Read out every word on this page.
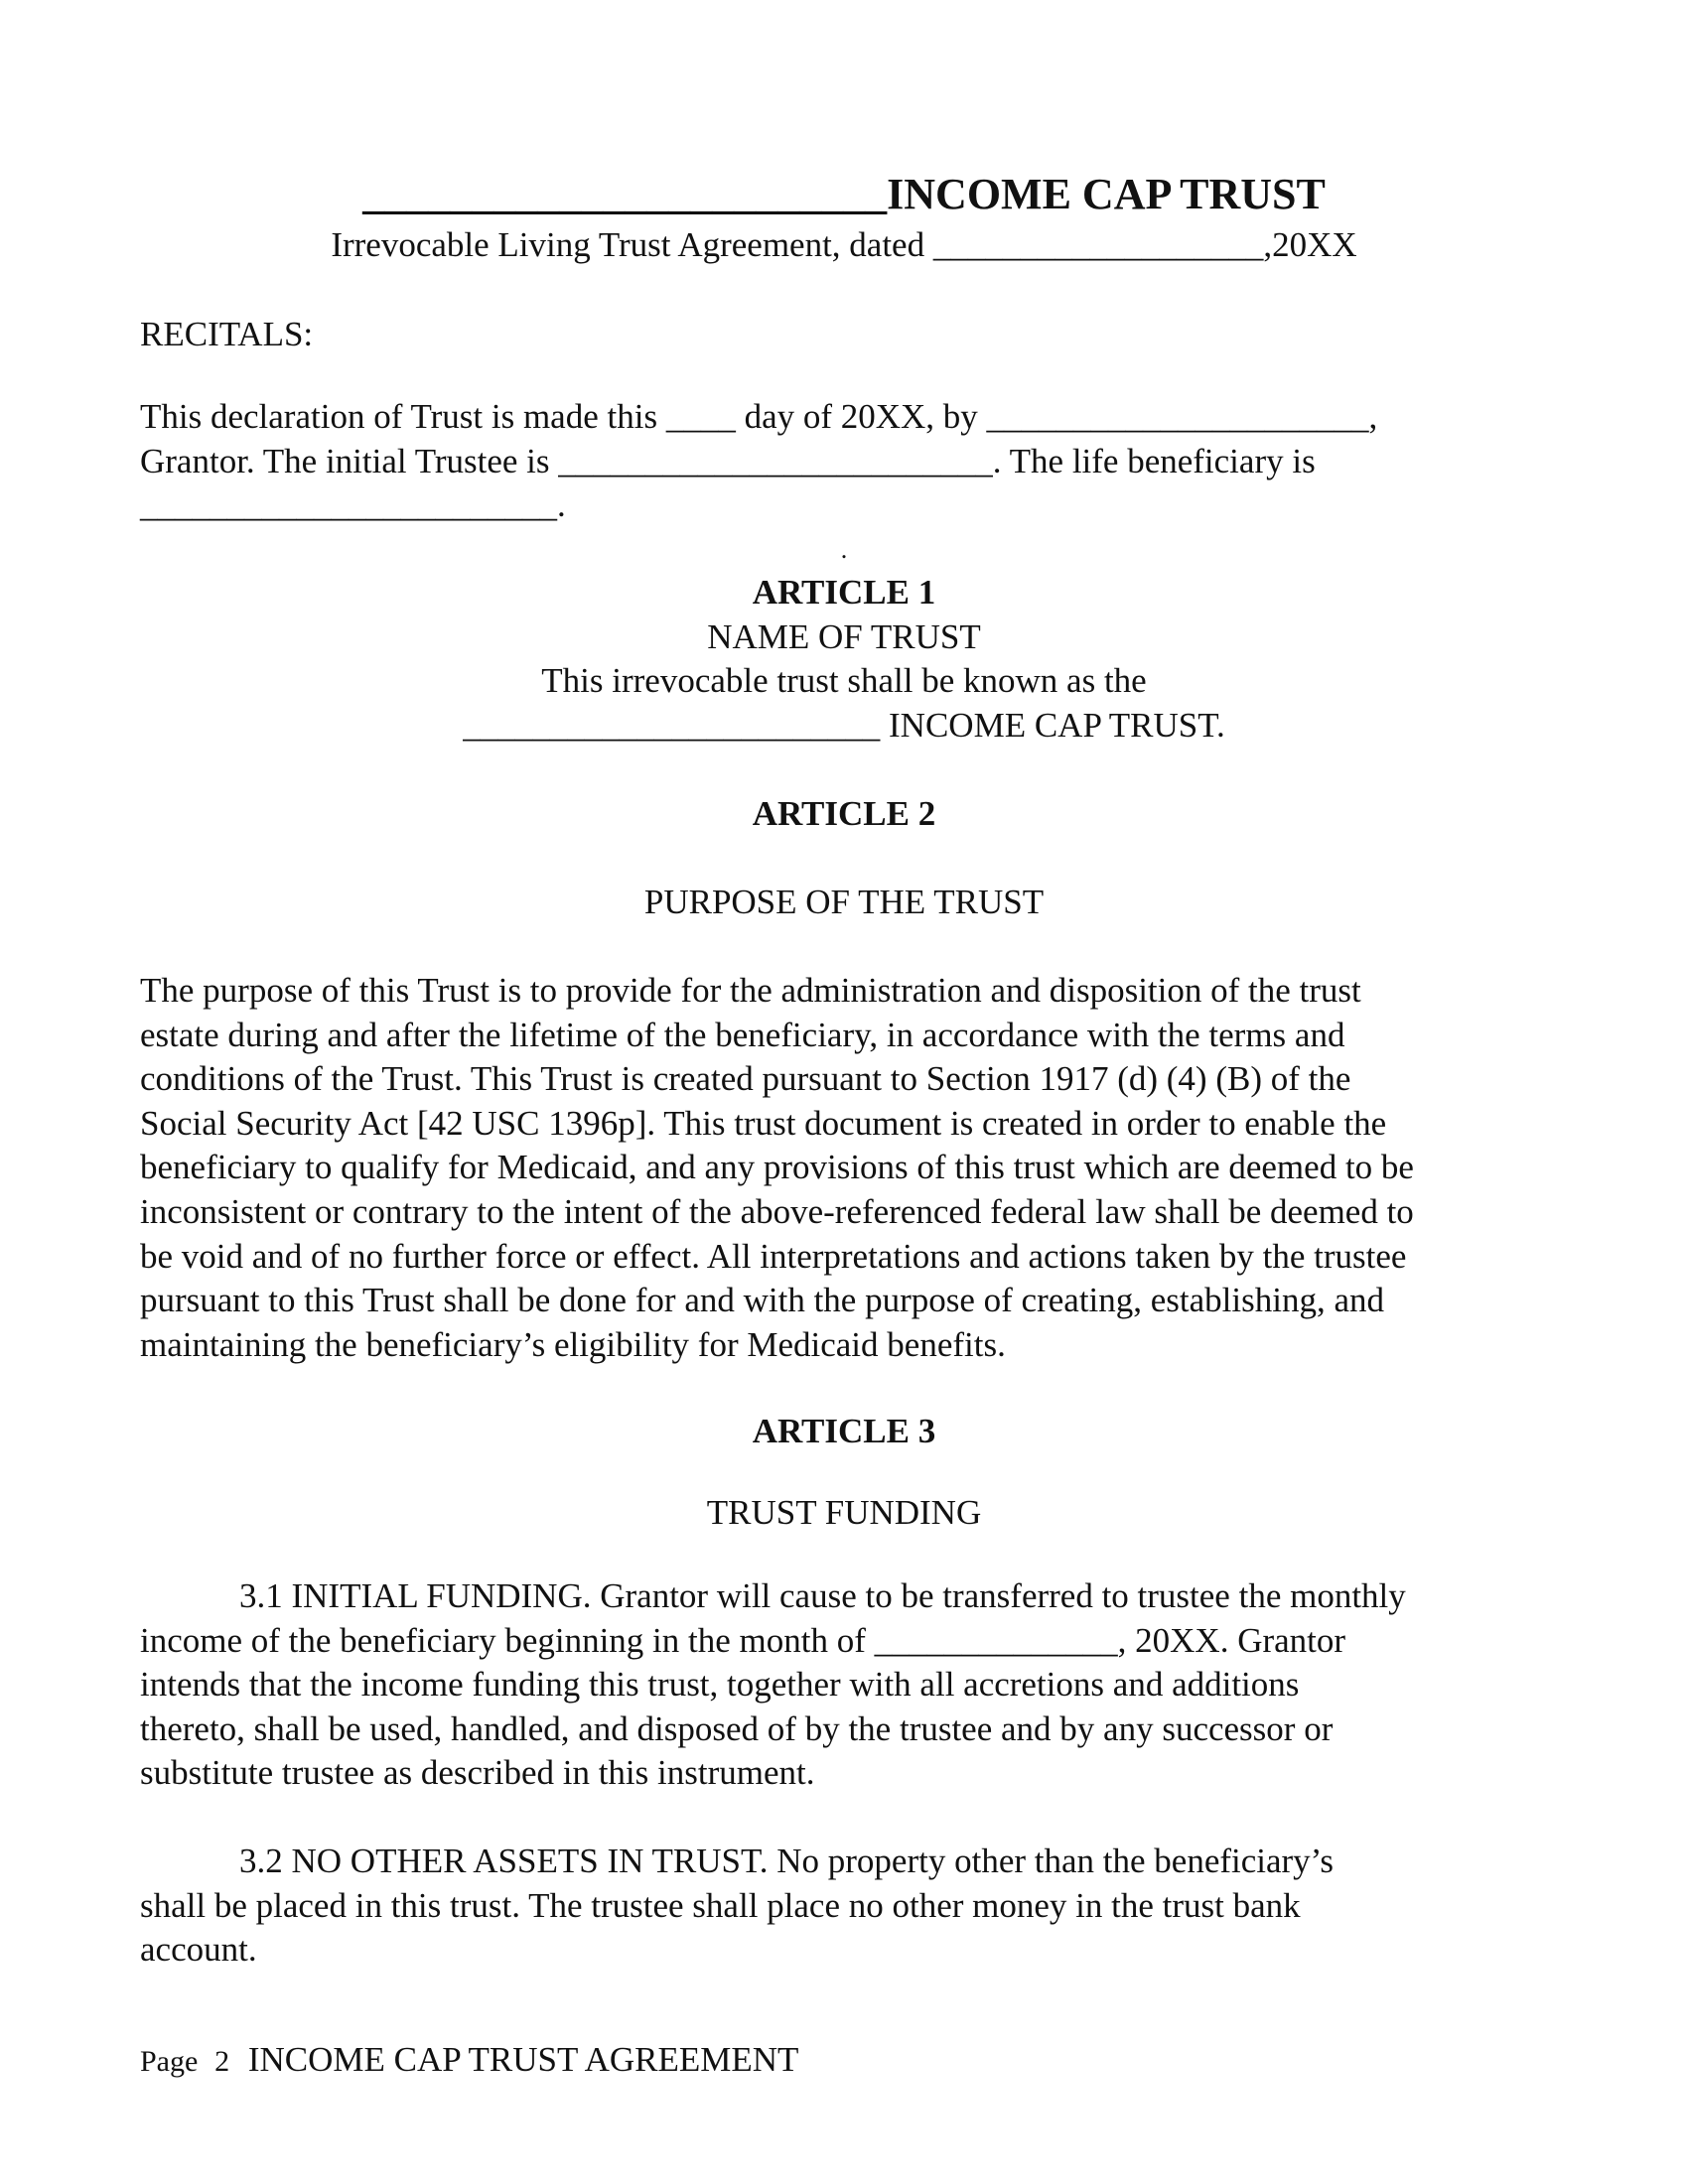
________________________INCOME CAP TRUST
Irrevocable Living Trust Agreement, dated ___________________,20XX
RECITALS:
This declaration of Trust is made this ____ day of 20XX, by ______________________,
Grantor. The initial Trustee is _________________________. The life beneficiary is
________________________.
.
ARTICLE 1
NAME OF TRUST
This irrevocable trust shall be known as the
________________________ INCOME CAP TRUST.
ARTICLE 2
PURPOSE OF THE TRUST
The purpose of this Trust is to provide for the administration and disposition of the trust
estate during and after the lifetime of the beneficiary, in accordance with the terms and
conditions of the Trust. This Trust is created pursuant to Section 1917 (d) (4) (B) of the
Social Security Act [42 USC 1396p]. This trust document is created in order to enable the
beneficiary to qualify for Medicaid, and any provisions of this trust which are deemed to be
inconsistent or contrary to the intent of the above-referenced federal law shall be deemed to
be void and of no further force or effect. All interpretations and actions taken by the trustee
pursuant to this Trust shall be done for and with the purpose of creating, establishing, and
maintaining the beneficiary’s eligibility for Medicaid benefits.
ARTICLE 3
TRUST FUNDING
3.1 INITIAL FUNDING. Grantor will cause to be transferred to trustee the monthly
income of the beneficiary beginning in the month of ______________, 20XX. Grantor
intends that the income funding this trust, together with all accretions and additions
thereto, shall be used, handled, and disposed of by the trustee and by any successor or
substitute trustee as described in this instrument.
3.2 NO OTHER ASSETS IN TRUST. No property other than the beneficiary’s
shall be placed in this trust. The trustee shall place no other money in the trust bank
account.
Page 2 INCOME CAP TRUST AGREEMENT
